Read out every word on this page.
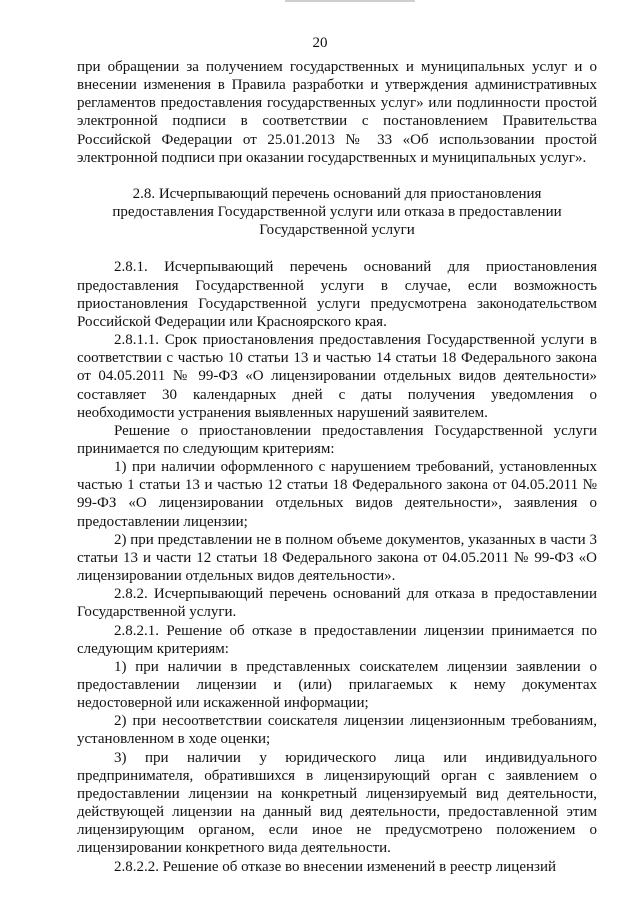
20

при обращении за получением государственных и муниципальных услуг и о внесении изменения в Правила разработки и утверждения административных регламентов предоставления государственных услуг» или подлинности простой электронной подписи в соответствии с постановлением Правительства Российской Федерации от 25.01.2013 № 33 «Об использовании простой электронной подписи при оказании государственных и муниципальных услуг».

2.8. Исчерпывающий перечень оснований для приостановления предоставления Государственной услуги или отказа в предоставлении Государственной услуги

2.8.1. Исчерпывающий перечень оснований для приостановления предоставления Государственной услуги в случае, если возможность приостановления Государственной услуги предусмотрена законодательством Российской Федерации или Красноярского края.

2.8.1.1. Срок приостановления предоставления Государственной услуги в соответствии с частью 10 статьи 13 и частью 14 статьи 18 Федерального закона от 04.05.2011 № 99-ФЗ «О лицензировании отдельных видов деятельности» составляет 30 календарных дней с даты получения уведомления о необходимости устранения выявленных нарушений заявителем.

Решение о приостановлении предоставления Государственной услуги принимается по следующим критериям:

1) при наличии оформленного с нарушением требований, установленных частью 1 статьи 13 и частью 12 статьи 18 Федерального закона от 04.05.2011 № 99-ФЗ «О лицензировании отдельных видов деятельности», заявления о предоставлении лицензии;

2) при представлении не в полном объеме документов, указанных в части 3 статьи 13 и части 12 статьи 18 Федерального закона от 04.05.2011 № 99-ФЗ «О лицензировании отдельных видов деятельности».

2.8.2. Исчерпывающий перечень оснований для отказа в предоставлении Государственной услуги.

2.8.2.1. Решение об отказе в предоставлении лицензии принимается по следующим критериям:

1) при наличии в представленных соискателем лицензии заявлении о предоставлении лицензии и (или) прилагаемых к нему документах недостоверной или искаженной информации;

2) при несоответствии соискателя лицензии лицензионным требованиям, установленном в ходе оценки;

3) при наличии у юридического лица или индивидуального предпринимателя, обратившихся в лицензирующий орган с заявлением о предоставлении лицензии на конкретный лицензируемый вид деятельности, действующей лицензии на данный вид деятельности, предоставленной этим лицензирующим органом, если иное не предусмотрено положением о лицензировании конкретного вида деятельности.

2.8.2.2. Решение об отказе во внесении изменений в реестр лицензий
